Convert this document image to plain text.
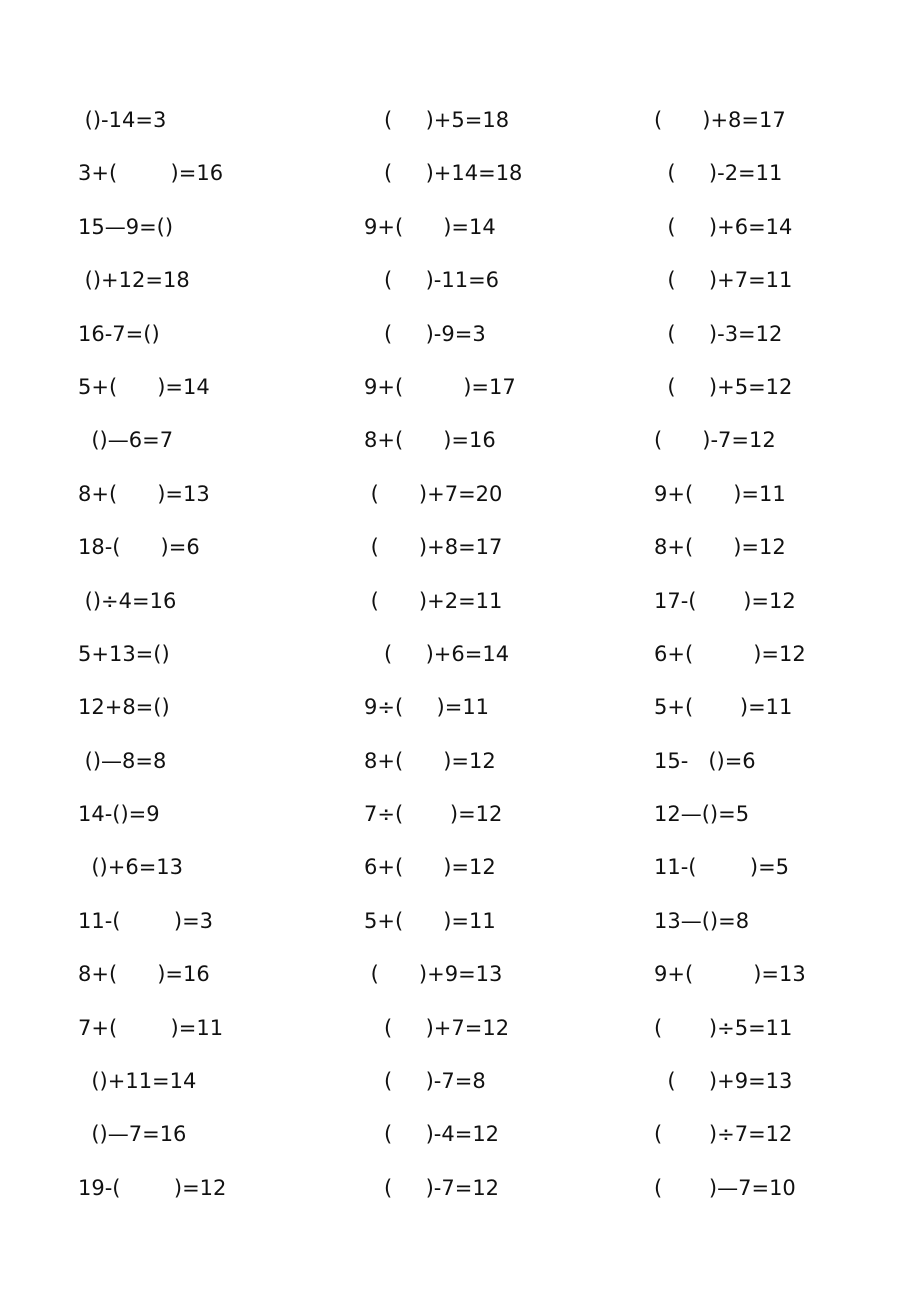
()-14=3
3+(        )=16
15—9=()
()+12=18
16-7=()
5+(      )=14
()—6=7
8+(      )=13
18-(      )=6
()÷4=16
5+13=()
12+8=()
()—8=8
14-()=9
()+6=13
11-(        )=3
8+(      )=16
7+(        )=11
()+11=14
()—7=16
19-(        )=12
(     )+5=18
(     )+14=18
9+(      )=14
(     )-11=6
(     )-9=3
9+(         )=17
8+(      )=16
(      )+7=20
(      )+8=17
(      )+2=11
(     )+6=14
9÷(     )=11
8+(      )=12
7÷(       )=12
6+(      )=12
5+(      )=11
(      )+9=13
(     )+7=12
(     )-7=8
(     )-4=12
(     )-7=12
(      )+8=17
(     )-2=11
(     )+6=14
(     )+7=11
(     )-3=12
(     )+5=12
(      )-7=12
9+(      )=11
8+(      )=12
17-(       )=12
6+(         )=12
5+(       )=11
15-   ()=6
12—()=5
11-(        )=5
13—()=8
9+(         )=13
(       )÷5=11
(     )+9=13
(       )÷7=12
(       )—7=10
